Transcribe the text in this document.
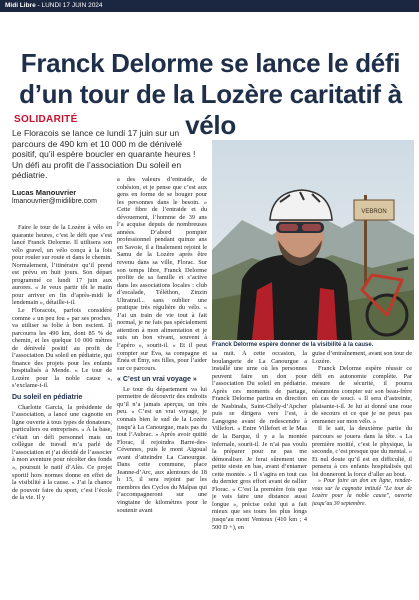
Midi Libre - LUNDI 17 JUIN 2024
Franck Delorme se lance le défi d’un tour de la Lozère caritatif à vélo
SOLIDARITÉ

Le Floracois se lance ce lundi 17 juin sur un parcours de 490 km et 10 000 m de dénivelé positif, qu’il espère boucler en quarante heures ! Un défi au profit de l’association Du soleil en pédiatrie.

Lucas Manouvrier
lmanouvrier@midilibre.com

Faire le tour de la Lozère à vélo en quarante heures, c’est le défi que s’est lancé Franck Delorme. Il utilisera son vélo gravel, un vélo conçu à la fois pour rouler sur route et dans le chemin. Normalement, l’itinéraire qu’il prend est prévu en huit jours. Son départ programmé ce lundi 17 juin aux aurores. « Je veux partir tôt le matin pour arriver en fin d’après-midi le lendemain », détaille-t-il.

Le Floracois, parfois considéré comme « un peu fou » par ses proches, va utiliser sa folie à bon escient. Il parcourra les 490 km, dont 85 % de chemin, et les quelque 10 000 mètres de dénivelé positif au profit de l’association Du soleil en pédiatrie, qui finance des projets pour les enfants hospitalisés à Mende. « Le tour de Lozère pour la noble cause », s’exclame-t-il.

Du soleil en pédiatrie

Charlotte Garcia, la présidente de l’association, a lancé une cagnotte en ligne ouverte à tous types de donateurs, particuliers ou entreprises. « À la base, c’était un défi personnel mais un collègue de travail m’a parlé de l’association et j’ai décidé de l’associer à mon aventure pour récolter des fonds », poursuit le natif d’Alès. Ce projet sportif hors normes donne en effet de la visibilité à la cause. « J’ai la chance de pouvoir faire du sport, c’est l’école de la vie. Il y

a des valeurs d’entraide, de cohésion, et je pense que c’est aux gens en forme de se bouger pour les personnes dans le besoin. » Cette fibre de l’entraide et du dévouement, l’homme de 39 ans l’a acquise depuis de nombreuses années. D’abord pompier professionnel pendant quinze ans en Savoie, il a finalement rejoint le Samu de la Lozère après être revenu dans sa ville, Florac. Sur son temps libre, Franck Delorme profite de sa famille et s’active dans les associations locales : club d’escalade, Téléthon, Zinzin Ultratrail... sans oublier une pratique très régulière du vélo. « J’ai un train de vie tout à fait normal, je ne fais pas spécialement attention à mon alimentation et je suis un bon vivant, souvent à l’apéro », sourit-il. « Et il peut compter sur Éva, sa compagne et Énéa et Émy, ses filles, pour l’aider sur ce parcours.

« C’est un vrai voyage »

Le tour du département va lui permettre de découvrir des endroits qu’il n’a jamais aperçus, un très peu. « C’est un vrai voyage, je connais bien le sud de la Lozère jusqu’à La Canourgue, mais pas du tout l’Aubrac. » Après avoir quitté Florac, il rejoindra Barre-des-Cévennes, puis le mont Aigoual avant d’atteindre La Canourgue. Dans cette commune, place Jeanne-d’Arc, aux alentours de 18 h 15, il sera rejoint par les membres des Cyclos du Malpas qui l’accompagneront sur une vingtaine de kilomètres pour le soutenir avant

VEBRON
Franck Delorme espère donner de la visibilité à la cause.

sa nuit. À cette occasion, la boulangerie de La Canourgue a installé une urne où les personnes peuvent faire un don pour l’association Du soleil en pédiatrie. Après ces moments de partage, Franck Delorme partira en direction de Nasbinals, Saint-Chély-d’Apcher puis se dirigera vers l’est, à Langogne avant de redescendre à Villefort. « Entre Villefort et le Mas de la Barque, il y a la montée infernale, sourit-il. Je n’ai pas voulu la préparer pour ne pas me démoraliser. Je ferai sûrement une petite sieste en bas, avant d’entamer cette montée. » Il s’agira en tout cas du dernier gros effort avant de rallier Florac. « C’est la première fois que je vais faire une distance aussi longue », précise celui qui a fait mieux que ses tours les plus longs jusqu’au mont Ventoux (410 km ; 4 500 D +), en

guise d’entraînement, avant son tour de Lozère.

Franck Delorme espère réussir ce défi en autonomie complète. Par mesure de sécurité, il pourra néanmoins compter sur son beau-frère en cas de souci. « Il sera d’astreinte, plaisante-t-il. Je lui ai donné une roue de secours et ce que je ne peux pas emmener sur mon vélo. »

Il le sait, la deuxième partie du parcours se jouera dans la tête. « La première moitié, c’est le physique, la seconde, c’est presque que du mental. » Et nul doute qu’il est en difficulté, il pensera à ces enfants hospitalisés qui lui donneront la force d’aller au bout.

» Pour faire un don en ligne, rendez-vous sur la cagnotte intitulé "Le tour de Lozère pour la noble cause", ouverte jusqu’au 30 septembre.
